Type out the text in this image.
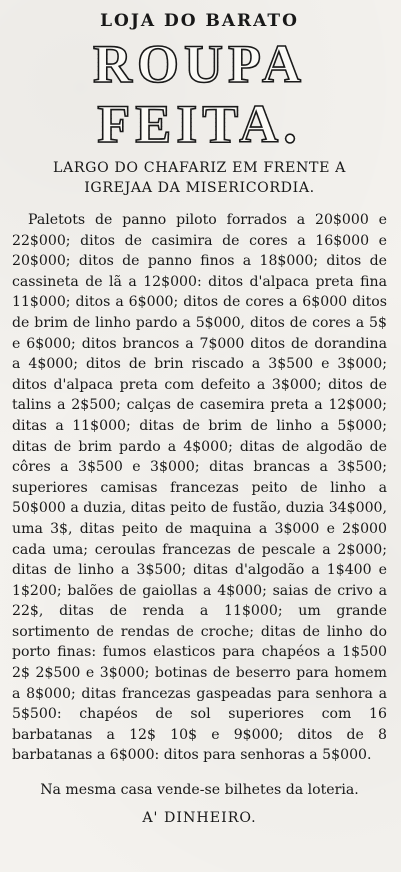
LOJA DO BARATO
ROUPA FEITA.
LARGO DO CHAFARIZ EM FRENTE A
IGREJAA DA MISERICORDIA.

Paletots de panno piloto forrados a 20$000 e 22$000; ditos de casimira de cores a 16$000 e 20$000; ditos de panno finos a 18$000; ditos de cassineta de lã a 12$000: ditos d'alpaca preta fina 11$000; ditos a 6$000; ditos de cores a 6$000 ditos de brim de linho pardo a 5$000, ditos de cores a 5$ e 6$000; ditos brancos a 7$000 ditos de dorandina a 4$000; ditos de brin riscado a 3$500 e 3$000; ditos d'alpaca preta com defeito a 3$000; ditos de talins a 2$500; calças de casemira preta a 12$000; ditas a 11$000; ditas de brim de linho a 5$000; ditas de brim pardo a 4$000; ditas de algodão de côres a 3$500 e 3$000; ditas brancas a 3$500; superiores camisas francezas peito de linho a 50$000 a duzia, ditas peito de fustão, duzia 34$000, uma 3$, ditas peito de maquina a 3$000 e 2$000 cada uma; ceroulas francezas de pescale a 2$000; ditas de linho a 3$500; ditas d'algodão a 1$400 e 1$200; balões de gaiollas a 4$000; saias de crivo a 22$, ditas de renda a 11$000; um grande sortimento de rendas de croche; ditas de linho do porto finas: fumos elasticos para chapéos a 1$500 2$ 2$500 e 3$000; botinas de beserro para homem a 8$000; ditas francezas gaspeadas para senhora a 5$500: chapéos de sol superiores com 16 barbatanas a 12$ 10$ e 9$000; ditos de 8 barbatanas a 6$000: ditos para senhoras a 5$000.

Na mesma casa vende-se bilhetes da loteria.
A' DINHEIRO.
